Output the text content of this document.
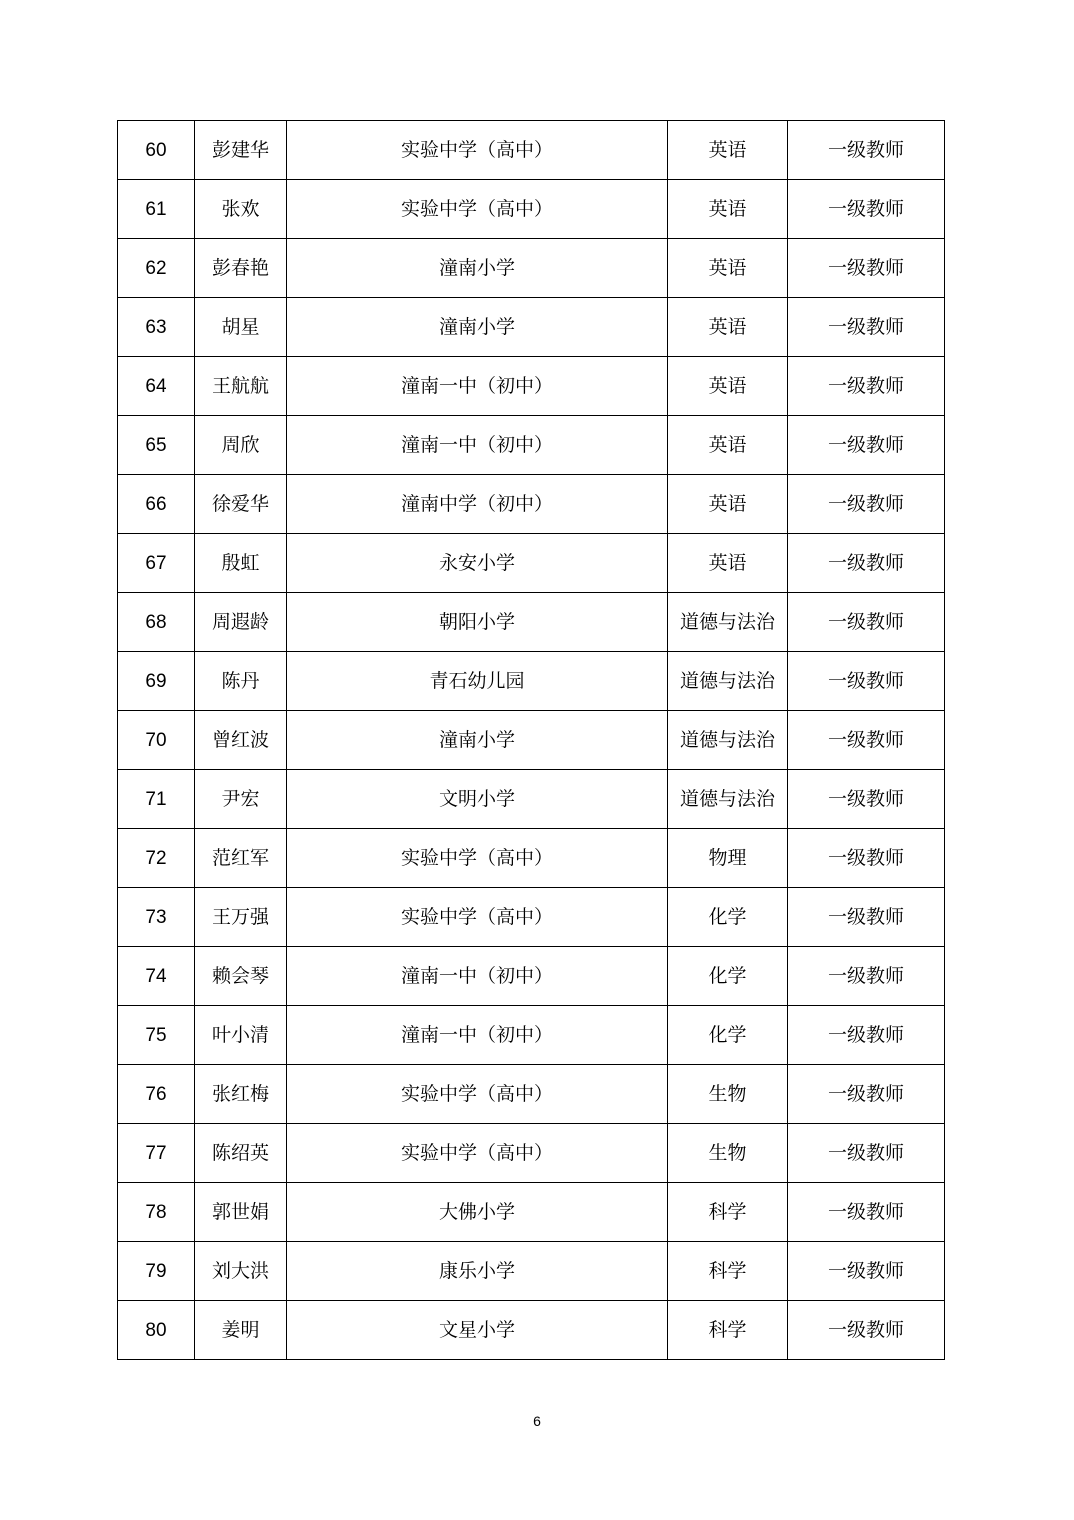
60	彭建华	实验中学（高中）	英语	一级教师
61	张欢	实验中学（高中）	英语	一级教师
62	彭春艳	潼南小学	英语	一级教师
63	胡星	潼南小学	英语	一级教师
64	王航航	潼南一中（初中）	英语	一级教师
65	周欣	潼南一中（初中）	英语	一级教师
66	徐爱华	潼南中学（初中）	英语	一级教师
67	殷虹	永安小学	英语	一级教师
68	周遐龄	朝阳小学	道德与法治	一级教师
69	陈丹	青石幼儿园	道德与法治	一级教师
70	曾红波	潼南小学	道德与法治	一级教师
71	尹宏	文明小学	道德与法治	一级教师
72	范红军	实验中学（高中）	物理	一级教师
73	王万强	实验中学（高中）	化学	一级教师
74	赖会琴	潼南一中（初中）	化学	一级教师
75	叶小清	潼南一中（初中）	化学	一级教师
76	张红梅	实验中学（高中）	生物	一级教师
77	陈绍英	实验中学（高中）	生物	一级教师
78	郭世娟	大佛小学	科学	一级教师
79	刘大洪	康乐小学	科学	一级教师
80	姜明	文星小学	科学	一级教师
6
